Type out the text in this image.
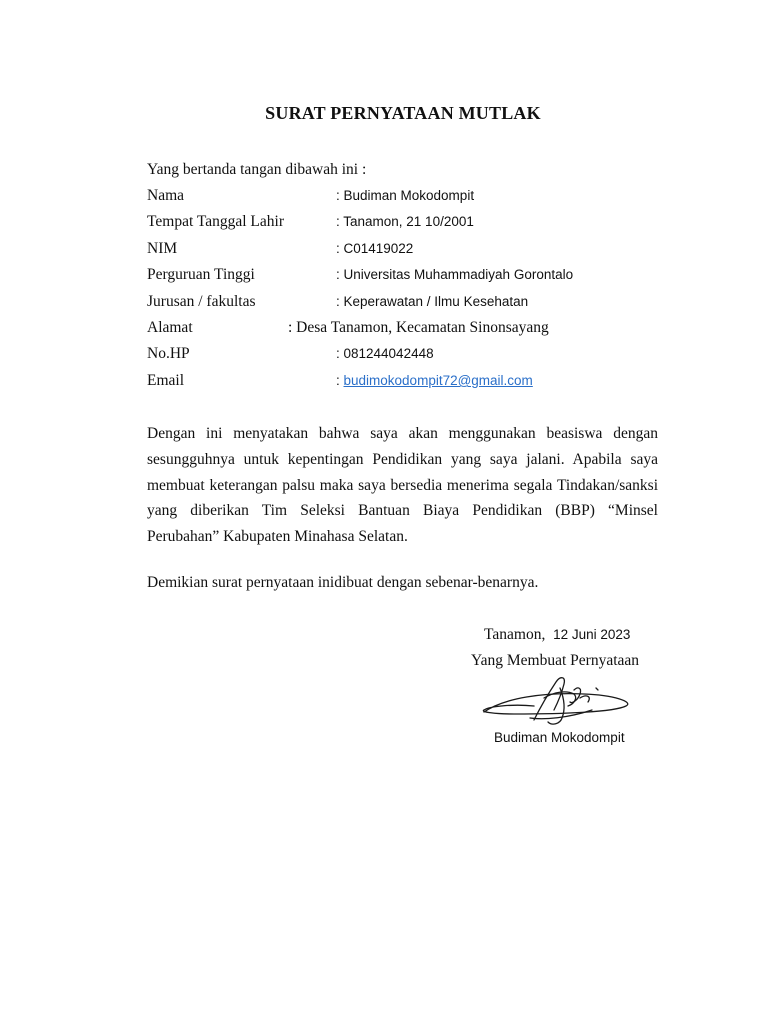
SURAT PERNYATAAN MUTLAK
Yang bertanda tangan dibawah ini :
Nama	: Budiman Mokodompit
Tempat Tanggal Lahir	: Tanamon, 21 10/2001
NIM	: C01419022
Perguruan Tinggi	: Universitas Muhammadiyah Gorontalo
Jurusan / fakultas	: Keperawatan / Ilmu Kesehatan
Alamat	: Desa Tanamon, Kecamatan Sinonsayang
No.HP	: 081244042448
Email	: budimokodompit72@gmail.com
Dengan ini menyatakan bahwa saya akan menggunakan beasiswa dengan sesungguhnya untuk kepentingan Pendidikan yang saya jalani. Apabila saya membuat keterangan palsu maka saya bersedia menerima segala Tindakan/sanksi yang diberikan Tim Seleksi Bantuan Biaya Pendidikan (BBP) “Minsel Perubahan” Kabupaten Minahasa Selatan.
Demikian surat pernyataan inidibuat dengan sebenar-benarnya.
Tanamon, 12 Juni 2023
Yang Membuat Pernyataan
Budiman Mokodompit
